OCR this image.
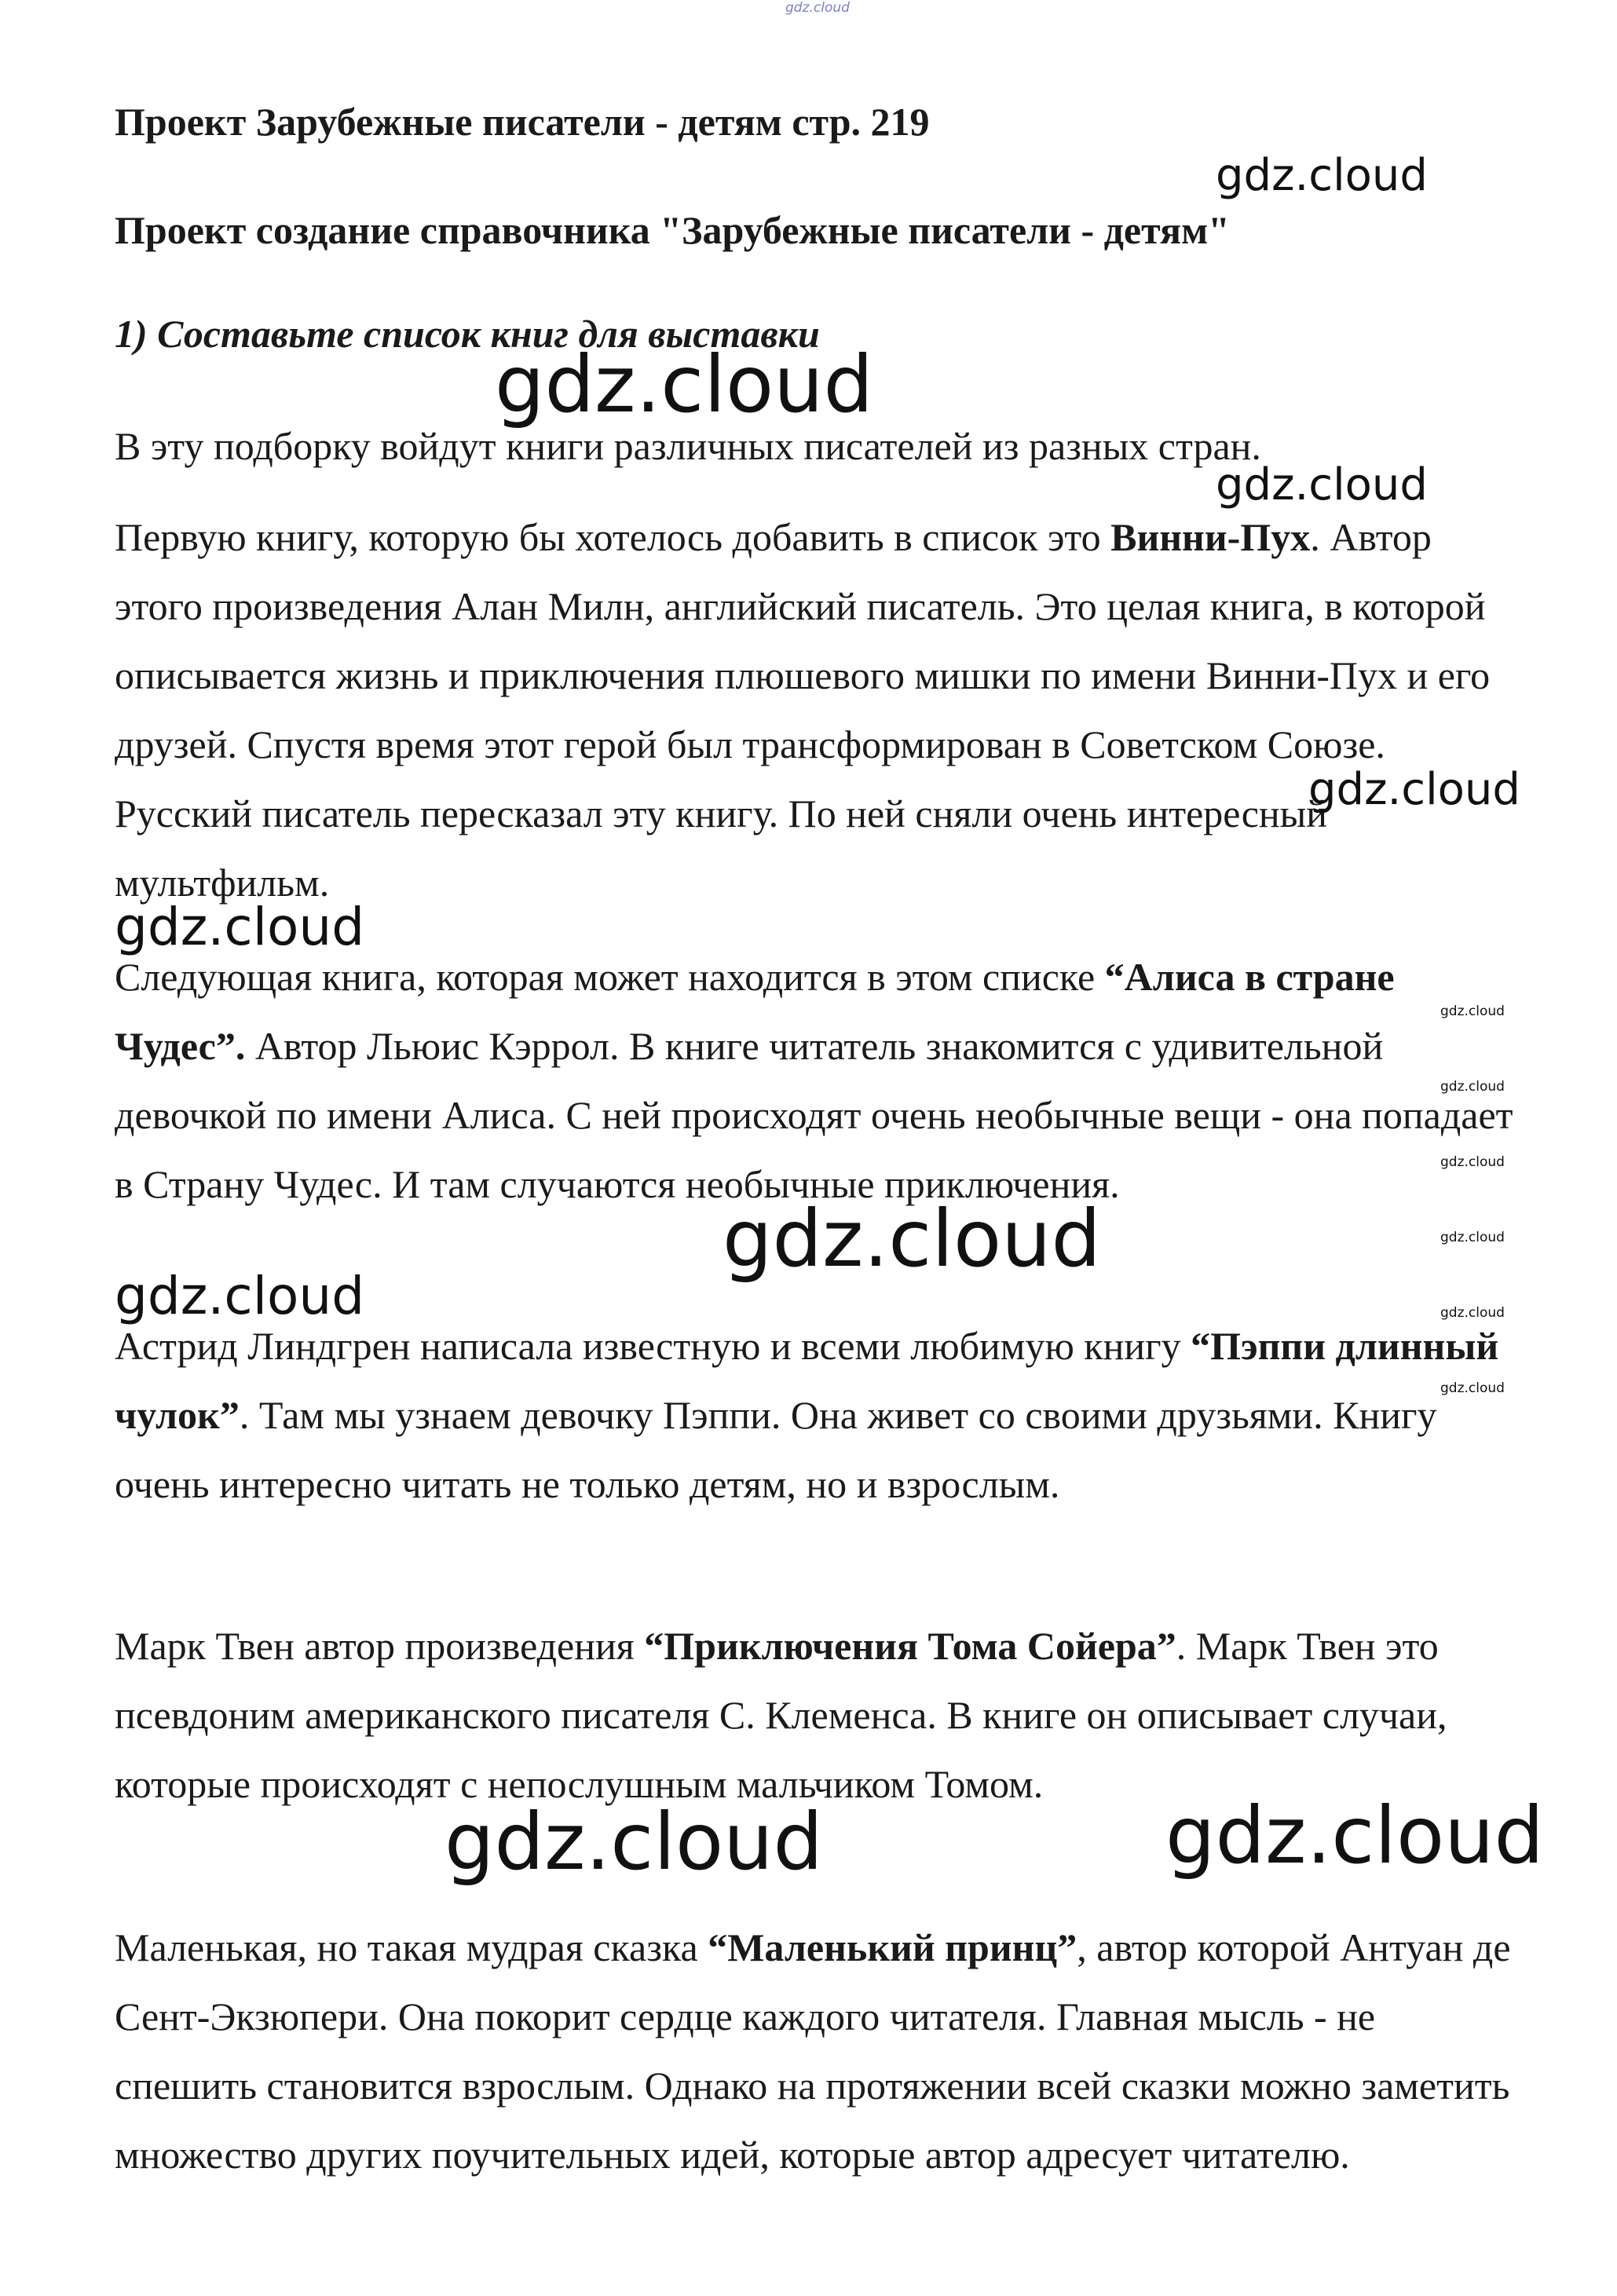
gdz.cloud
Проект Зарубежные писатели - детям стр. 219
Проект создание справочника "Зарубежные писатели - детям"
1) Составьте список книг для выставки
В эту подборку войдут книги различных писателей из разных стран.
Первую книгу, которую бы хотелось добавить в список это Винни-Пух. Автор этого произведения Алан Милн, английский писатель. Это целая книга, в которой описывается жизнь и приключения плюшевого мишки по имени Винни-Пух и его друзей. Спустя время этот герой был трансформирован в Советском Союзе. Русский писатель пересказал эту книгу. По ней сняли очень интересный мультфильм.
Следующая книга, которая может находится в этом списке “Алиса в стране Чудес”. Автор Льюис Кэррол. В книге читатель знакомится с удивительной девочкой по имени Алиса. С ней происходят очень необычные вещи - она попадает в Страну Чудес. И там случаются необычные приключения.
Астрид Линдгрен написала известную и всеми любимую книгу “Пэппи длинный чулок”. Там мы узнаем девочку Пэппи. Она живет со своими друзьями. Книгу очень интересно читать не только детям, но и взрослым.
Марк Твен автор произведения “Приключения Тома Сойера”. Марк Твен это псевдоним американского писателя С. Клеменса. В книге он описывает случаи, которые происходят с непослушным мальчиком Томом.
Маленькая, но такая мудрая сказка “Маленький принц”, автор которой Антуан де Сент-Экзюпери. Она покорит сердце каждого читателя. Главная мысль - не спешить становится взрослым. Однако на протяжении всей сказки можно заметить множество других поучительных идей, которые автор адресует читателю.
gdz.cloud
gdz.cloud
gdz.cloud
gdz.cloud
gdz.cloud
gdz.cloud
gdz.cloud
gdz.cloud	gdz.cloud
gdz.cloud
gdz.cloud
gdz.cloud
gdz.cloud
gdz.cloud
gdz.cloud
